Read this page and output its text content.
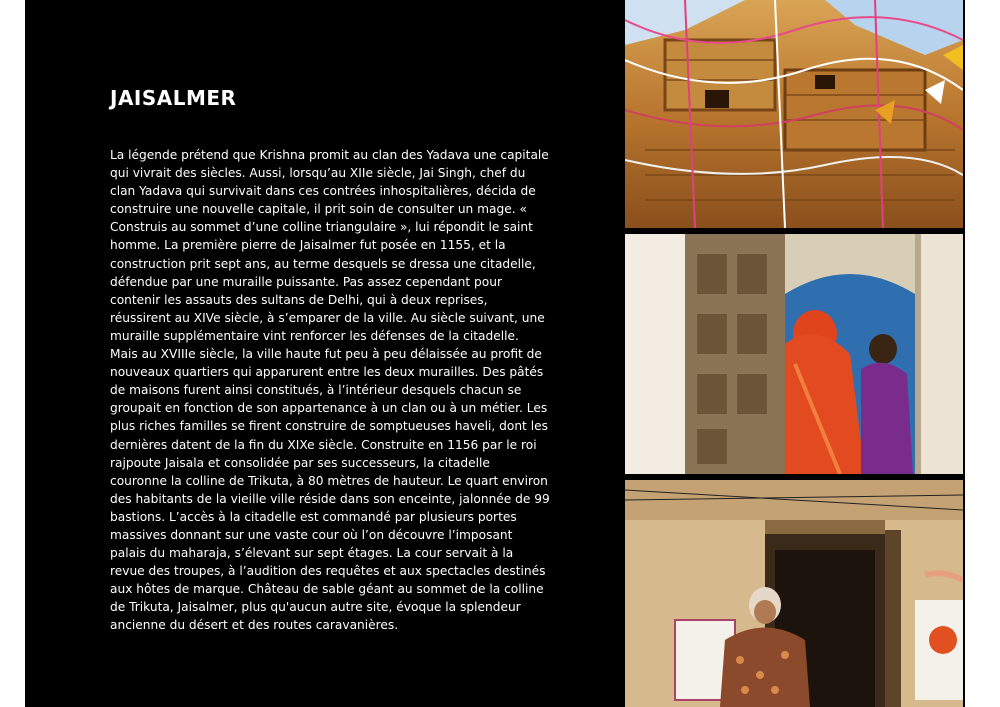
JAISALMER

La légende prétend que Krishna promit au clan des Yadava une capitale qui vivrait des siècles. Aussi, lorsqu’au XIIe siècle, Jai Singh, chef du clan Yadava qui survivait dans ces contrées inhospitalières, décida de construire une nouvelle capitale, il prit soin de consulter un mage. « Construis au sommet d’une colline triangulaire », lui répondit le saint homme. La première pierre de Jaisalmer fut posée en 1155, et la construction prit sept ans, au terme desquels se dressa une citadelle, défendue par une muraille puissante. Pas assez cependant pour contenir les assauts des sultans de Delhi, qui à deux reprises, réussirent au XIVe siècle, à s’emparer de la ville. Au siècle suivant, une muraille supplémentaire vint renforcer les défenses de la citadelle. Mais au XVIIIe siècle, la ville haute fut peu à peu délaissée au profit de nouveaux quartiers qui apparurent entre les deux murailles. Des pâtés de maisons furent ainsi constitués, à l’intérieur desquels chacun se groupait en fonction de son appartenance à un clan ou à un métier. Les plus riches familles se firent construire de somptueuses haveli, dont les dernières datent de la fin du XIXe siècle. Construite en 1156 par le roi rajpoute Jaisala et consolidée par ses successeurs, la citadelle couronne la colline de Trikuta, à 80 mètres de hauteur. Le quart environ des habitants de la vieille ville réside dans son enceinte, jalonnée de 99 bastions. L’accès à la citadelle est commandé par plusieurs portes massives donnant sur une vaste cour où l’on découvre l’imposant palais du maharaja, s’élevant sur sept étages. La cour servait à la revue des troupes, à l’audition des requêtes et aux spectacles destinés aux hôtes de marque. Château de sable géant au sommet de la colline de Trikuta, Jaisalmer, plus qu'aucun autre site, évoque la splendeur ancienne du désert et des routes caravanières.
